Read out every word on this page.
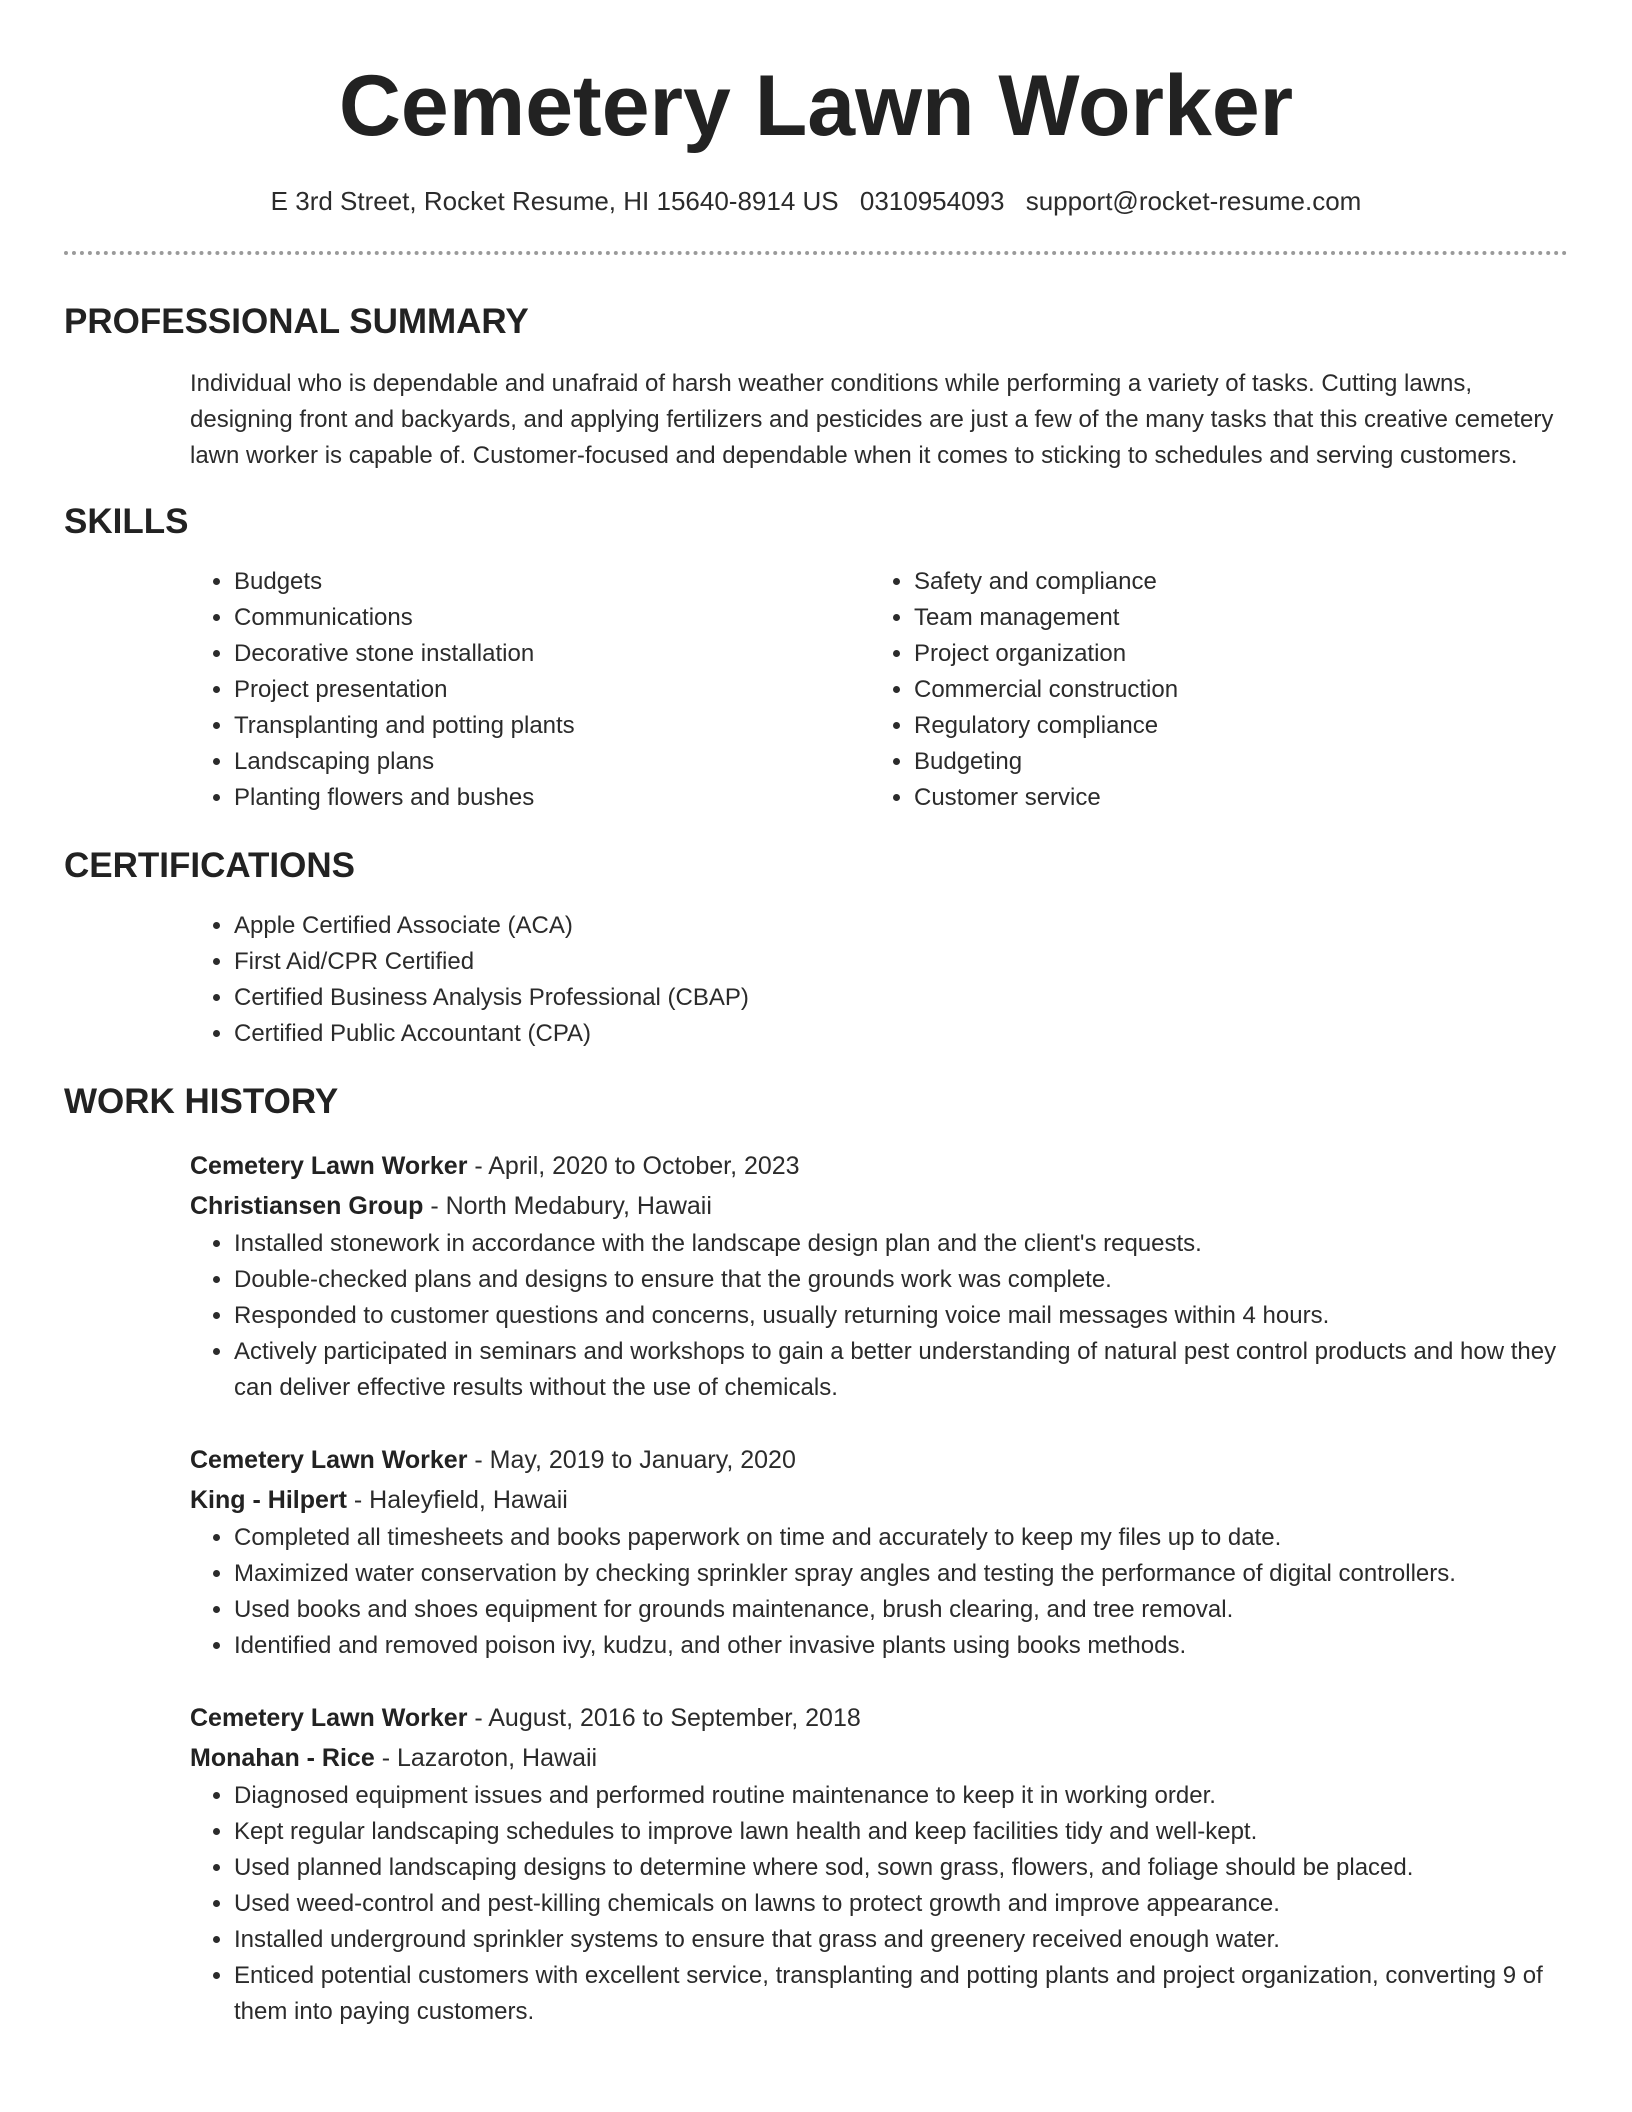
Cemetery Lawn Worker
E 3rd Street, Rocket Resume, HI 15640-8914 US 0310954093 support@rocket-resume.com
PROFESSIONAL SUMMARY

Individual who is dependable and unafraid of harsh weather conditions while performing a variety of tasks. Cutting lawns, designing front and backyards, and applying fertilizers and pesticides are just a few of the many tasks that this creative cemetery lawn worker is capable of. Customer-focused and dependable when it comes to sticking to schedules and serving customers.

SKILLS
• Budgets
• Communications
• Decorative stone installation
• Project presentation
• Transplanting and potting plants
• Landscaping plans
• Planting flowers and bushes
• Safety and compliance
• Team management
• Project organization
• Commercial construction
• Regulatory compliance
• Budgeting
• Customer service
CERTIFICATIONS
• Apple Certified Associate (ACA)
• First Aid/CPR Certified
• Certified Business Analysis Professional (CBAP)
• Certified Public Accountant (CPA)
WORK HISTORY
Cemetery Lawn Worker - April, 2020 to October, 2023
Christiansen Group - North Medabury, Hawaii
• Installed stonework in accordance with the landscape design plan and the client's requests.
• Double-checked plans and designs to ensure that the grounds work was complete.
• Responded to customer questions and concerns, usually returning voice mail messages within 4 hours.
• Actively participated in seminars and workshops to gain a better understanding of natural pest control products and how they can deliver effective results without the use of chemicals.
Cemetery Lawn Worker - May, 2019 to January, 2020
King - Hilpert - Haleyfield, Hawaii
• Completed all timesheets and books paperwork on time and accurately to keep my files up to date.
• Maximized water conservation by checking sprinkler spray angles and testing the performance of digital controllers.
• Used books and shoes equipment for grounds maintenance, brush clearing, and tree removal.
• Identified and removed poison ivy, kudzu, and other invasive plants using books methods.
Cemetery Lawn Worker - August, 2016 to September, 2018
Monahan - Rice - Lazaroton, Hawaii
• Diagnosed equipment issues and performed routine maintenance to keep it in working order.
• Kept regular landscaping schedules to improve lawn health and keep facilities tidy and well-kept.
• Used planned landscaping designs to determine where sod, sown grass, flowers, and foliage should be placed.
• Used weed-control and pest-killing chemicals on lawns to protect growth and improve appearance.
• Installed underground sprinkler systems to ensure that grass and greenery received enough water.
• Enticed potential customers with excellent service, transplanting and potting plants and project organization, converting 9 of them into paying customers.
